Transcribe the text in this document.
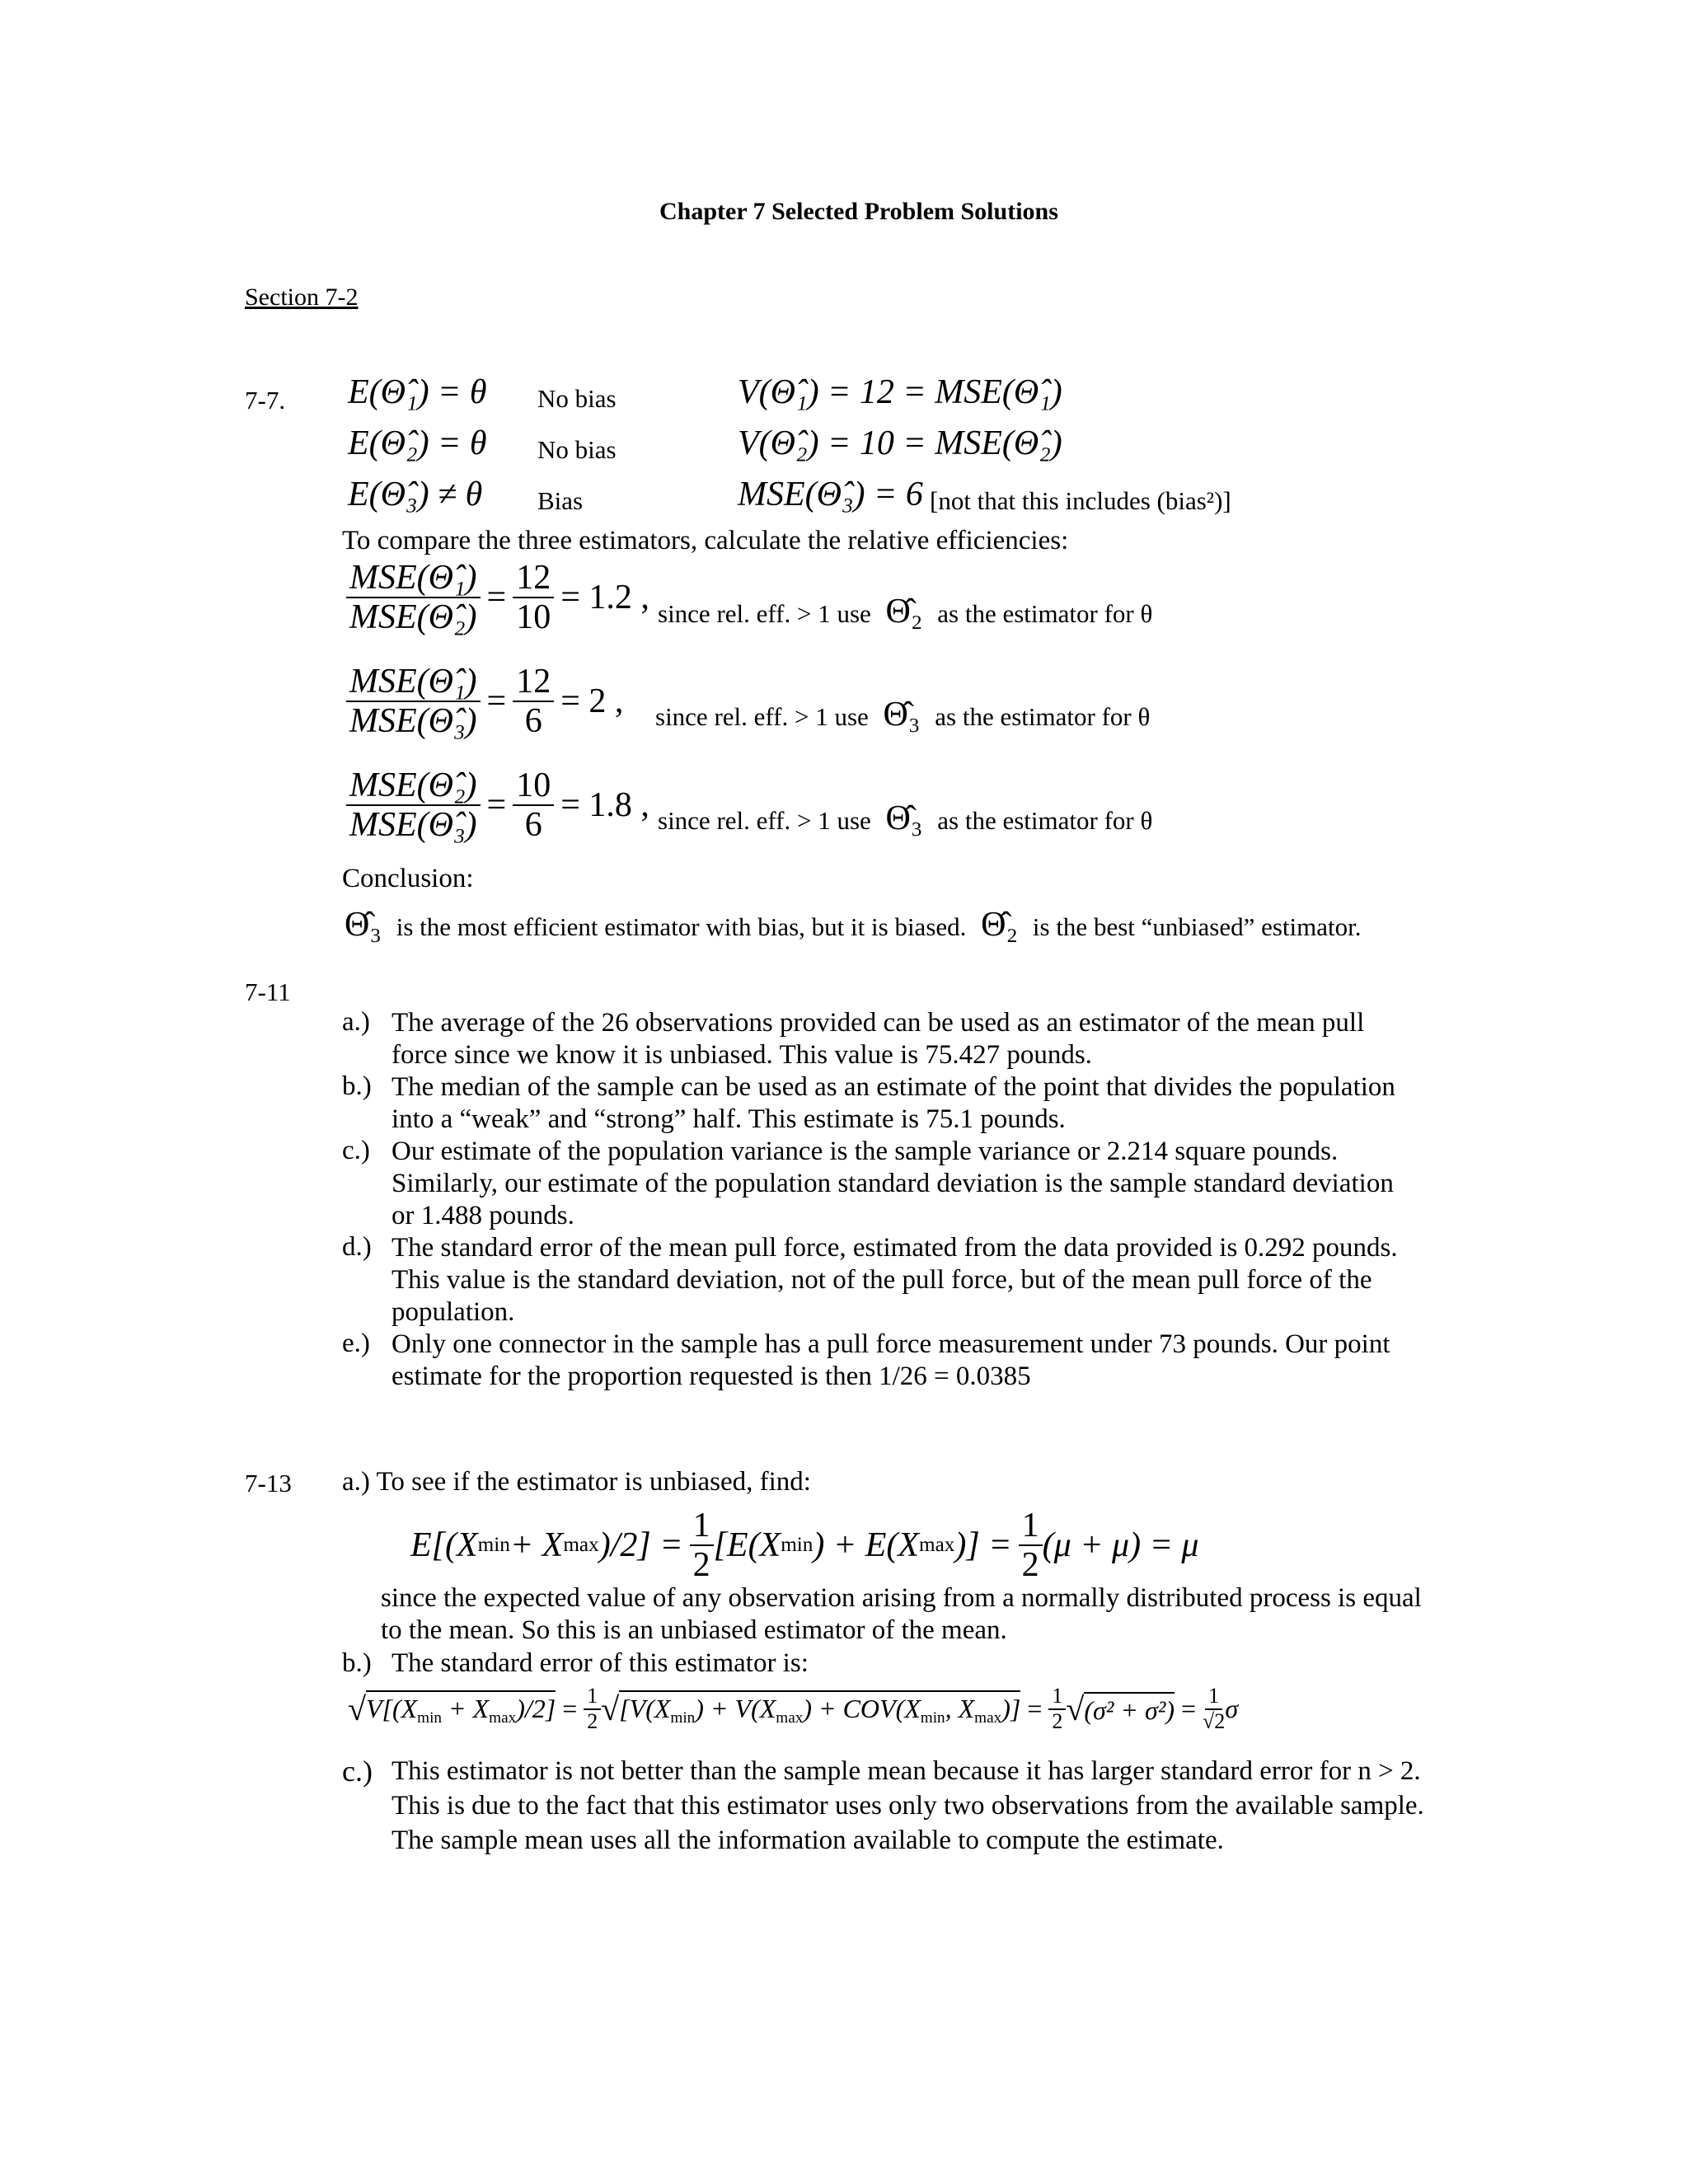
Chapter 7 Selected Problem Solutions
Section 7-2
7-7. E(Θ̂₁) = θ No bias	V(Θ̂₁) = 12 = MSE(Θ̂₁)
E(Θ̂₂) = θ No bias	V(Θ̂₂) = 10 = MSE(Θ̂₂)
E(Θ̂₃) ≠ θ Bias	MSE(Θ̂₃) = 6 [not that this includes (bias²)]
To compare the three estimators, calculate the relative efficiencies:
$\frac{\text{MSE(Θ̂₁)}}{\text{MSE(Θ̂₂)}} = \frac{12}{10} = 1.2$ , since rel. eff. > 1 use Θ̂₂ as the estimator for θ
$\frac{\text{MSE(Θ̂₁)}}{\text{MSE(Θ̂₃)}} = \frac{12}{6} = 2$ , since rel. eff. > 1 use Θ̂₃ as the estimator for θ
$\frac{\text{MSE(Θ̂₂)}}{\text{MSE(Θ̂₃)}} = \frac{10}{6} = 1.8$ , since rel. eff. > 1 use Θ̂₃ as the estimator for θ
Conclusion:
Θ̂₃ is the most efficient estimator with bias, but it is biased. Θ̂₂ is the best “unbiased” estimator.
7-11
a.) The average of the 26 observations provided can be used as an estimator of the mean pull force since we know it is unbiased. This value is 75.427 pounds.
b.) The median of the sample can be used as an estimate of the point that divides the population into a “weak” and “strong” half. This estimate is 75.1 pounds.
c.) Our estimate of the population variance is the sample variance or 2.214 square pounds. Similarly, our estimate of the population standard deviation is the sample standard deviation or 1.488 pounds.
d.) The standard error of the mean pull force, estimated from the data provided is 0.292 pounds. This value is the standard deviation, not of the pull force, but of the mean pull force of the population.
e.) Only one connector in the sample has a pull force measurement under 73 pounds. Our point estimate for the proportion requested is then 1/26 = 0.0385
7-13 a.) To see if the estimator is unbiased, find:
E[(X min + X $\max )/2] = \frac{1}{2} [E(X$ min ) + E(X max )] = $\frac{1}{2} (\mu + \mu) = \mu$
since the expected value of any observation arising from a normally distributed process is equal to the mean. So this is an unbiased estimator of the mean.
b.) The standard error of this estimator is:
√ $V[(X_{min} + X_{max})/2] = \frac{1}{2}$ √ [$V(X_{min}) + V(X_{max}) + COV(X_{min}$, $X_{max})] = \frac{1}{2}$ √ $(\sigma^2 + \sigma^2) = \frac{1}{√2}$ σ
c.) This estimator is not better than the sample mean because it has larger standard error for n > 2. This is due to the fact that this estimator uses only two observations from the available sample. The sample mean uses all the information available to compute the estimate.
